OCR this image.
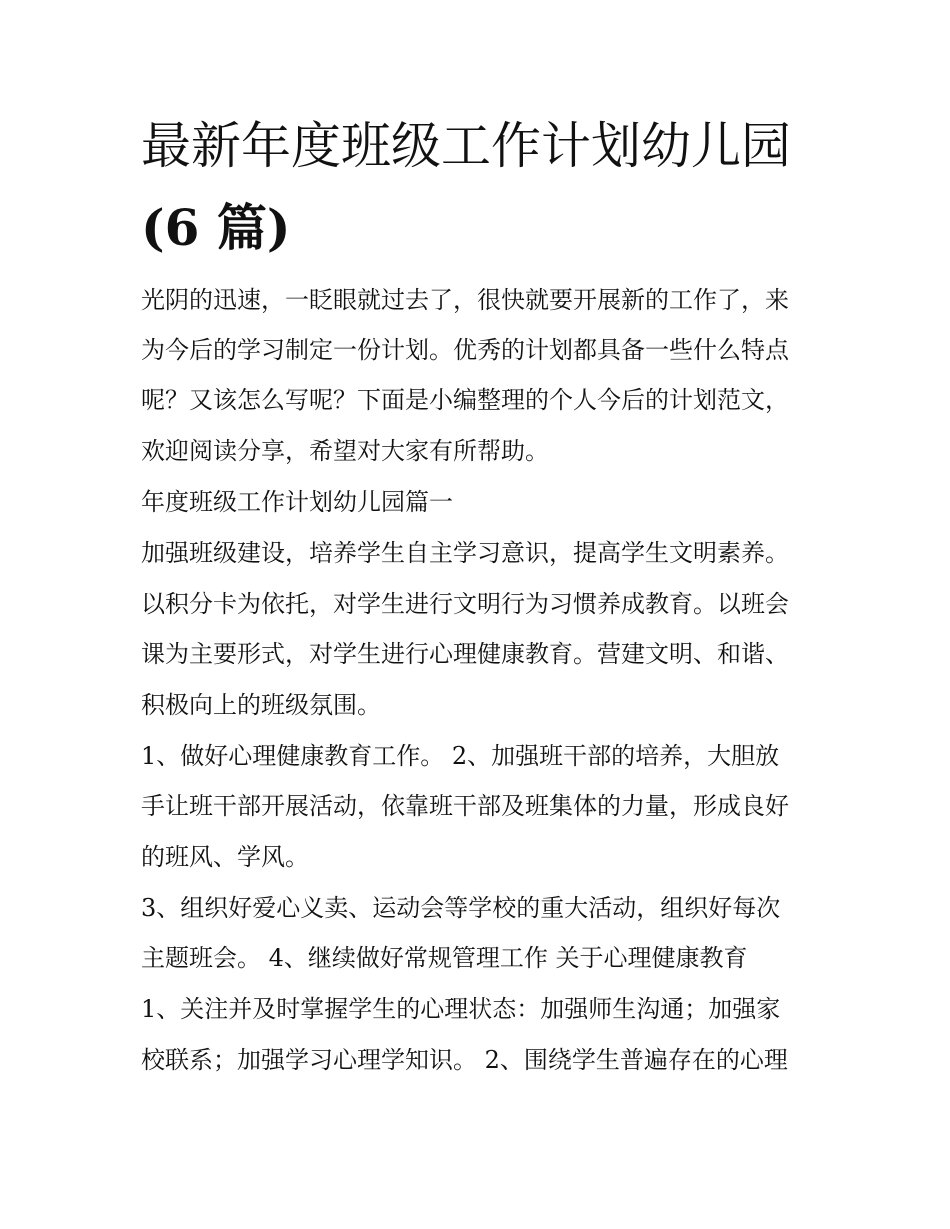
最新年度班级工作计划幼儿园
(6 篇)

光阴的迅速，一眨眼就过去了，很快就要开展新的工作了，来

为今后的学习制定一份计划。优秀的计划都具备一些什么特点

呢？又该怎么写呢？下面是小编整理的个人今后的计划范文，

欢迎阅读分享，希望对大家有所帮助。

年度班级工作计划幼儿园篇一

加强班级建设，培养学生自主学习意识，提高学生文明素养。

以积分卡为依托，对学生进行文明行为习惯养成教育。以班会

课为主要形式，对学生进行心理健康教育。营建文明、和谐、

积极向上的班级氛围。

1、做好心理健康教育工作。 2、加强班干部的培养，大胆放

手让班干部开展活动，依靠班干部及班集体的力量，形成良好

的班风、学风。

3、组织好爱心义卖、运动会等学校的重大活动，组织好每次

主题班会。 4、继续做好常规管理工作 关于心理健康教育

1、关注并及时掌握学生的心理状态：加强师生沟通；加强家

校联系；加强学习心理学知识。 2、围绕学生普遍存在的心理
